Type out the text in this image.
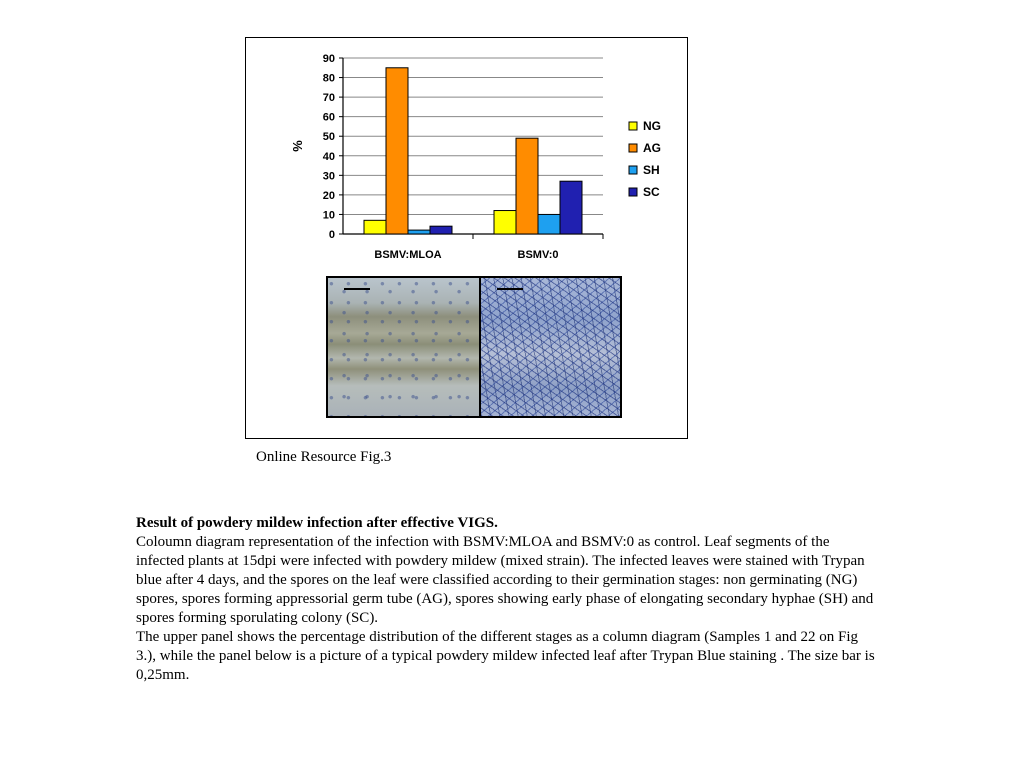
0
10
20
30
40
50
60
70
80
90
%
BSMV:MLOA	BSMV:0
NG
AG
SH
SC
Online Resource Fig.3

Result of powdery mildew infection after effective VIGS.

Coloumn diagram representation of the infection with BSMV:MLOA and BSMV:0 as control. Leaf segments of the infected plants at 15dpi were infected with powdery mildew (mixed strain). The infected leaves were stained with Trypan blue after 4 days, and the spores on the leaf were classified according to their germination stages: non germinating (NG) spores, spores forming appressorial germ tube (AG), spores showing early phase of elongating secondary hyphae (SH) and spores forming sporulating colony (SC).

The upper panel shows the percentage distribution of the different stages as a column diagram (Samples 1 and 22 on Fig 3.), while the panel below is a picture of a typical powdery mildew infected leaf after Trypan Blue staining . The size bar is 0,25mm.
